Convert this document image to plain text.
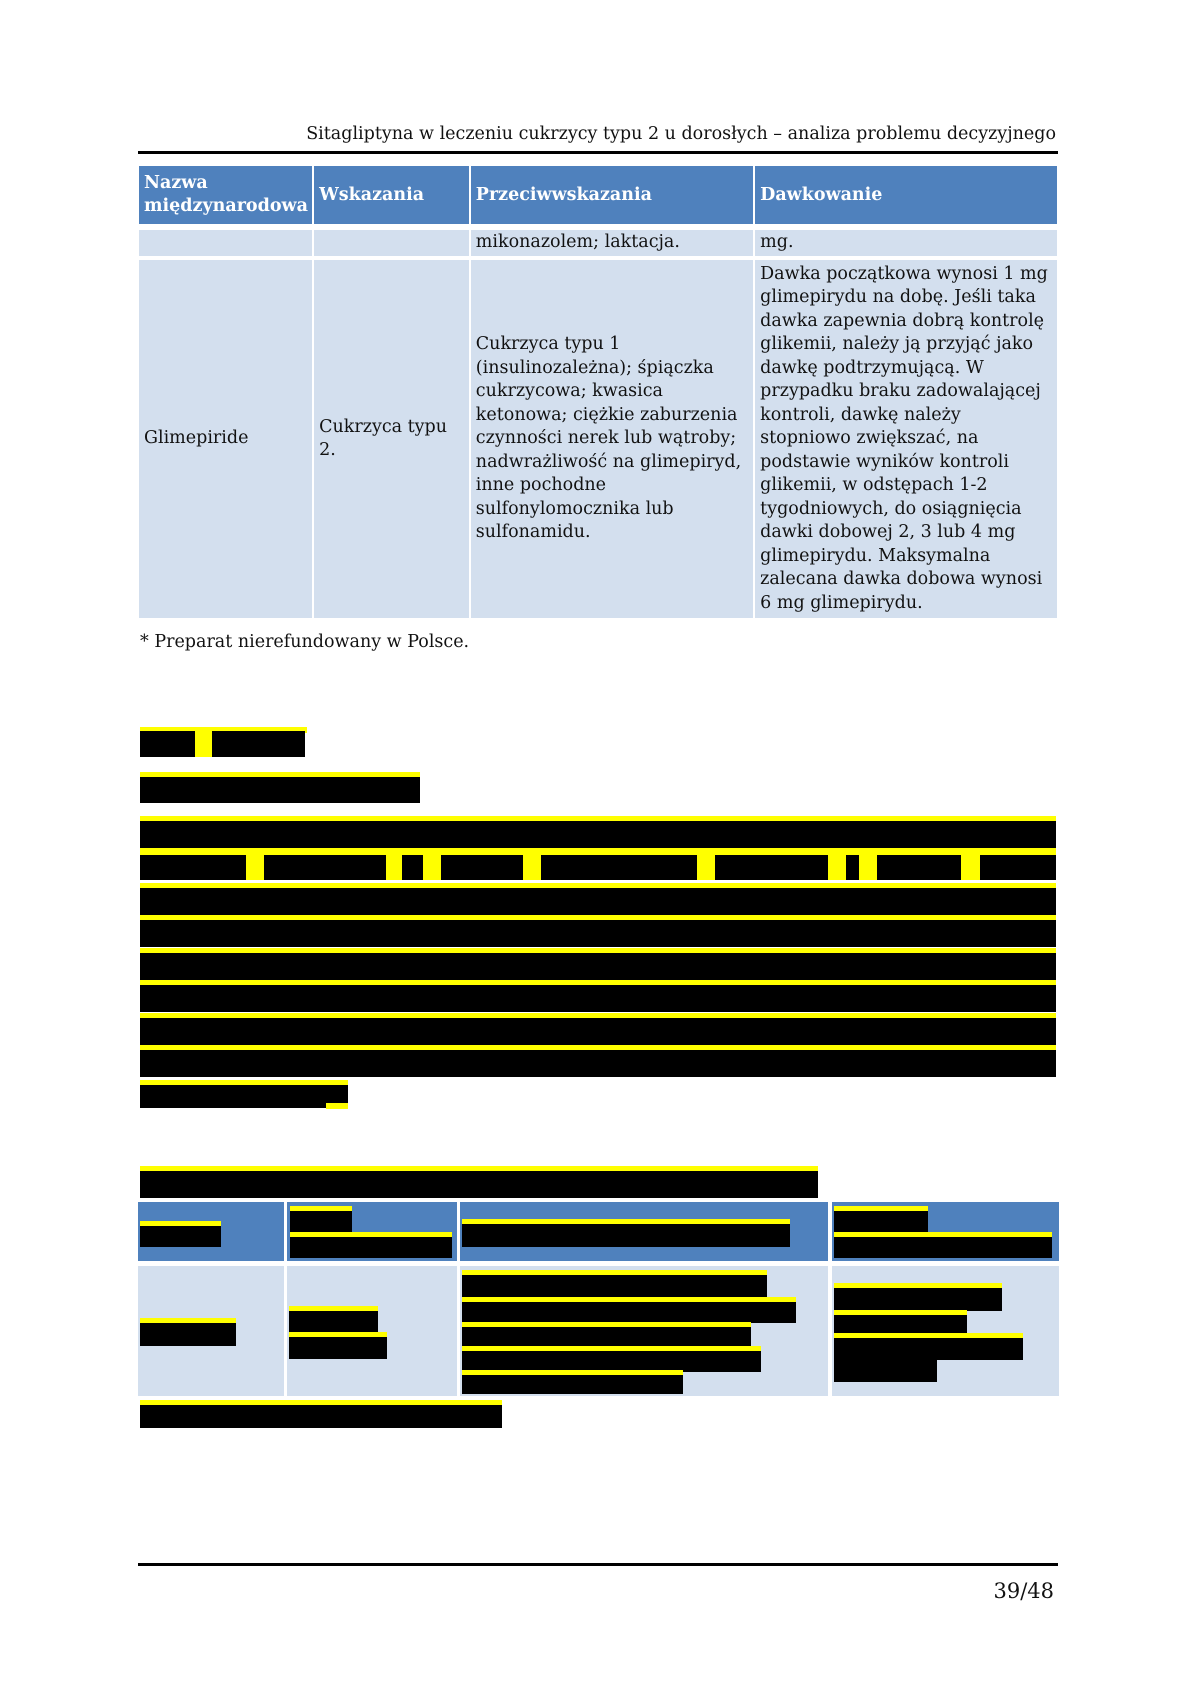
Sitagliptyna w leczeniu cukrzycy typu 2 u dorosłych – analiza problemu decyzyjnego
Nazwa międzynarodowa	Wskazania	Przeciwwskazania	Dawkowanie
		mikonazolem; laktacja.	mg.
Glimepiride	Cukrzyca typu 2.	Cukrzyca typu 1 (insulinozależna); śpiączka cukrzycowa; kwasica ketonowa; ciężkie zaburzenia czynności nerek lub wątroby; nadwrażliwość na glimepiryd, inne pochodne sulfonylomocznika lub sulfonamidu.	Dawka początkowa wynosi 1 mg glimepirydu na dobę. Jeśli taka dawka zapewnia dobrą kontrolę glikemii, należy ją przyjąć jako dawkę podtrzymującą. W przypadku braku zadowalającej kontroli, dawkę należy stopniowo zwiększać, na podstawie wyników kontroli glikemii, w odstępach 1-2 tygodniowych, do osiągnięcia dawki dobowej 2, 3 lub 4 mg glimepirydu. Maksymalna zalecana dawka dobowa wynosi 6 mg glimepirydu.
* Preparat nierefundowany w Polsce.
39/48
